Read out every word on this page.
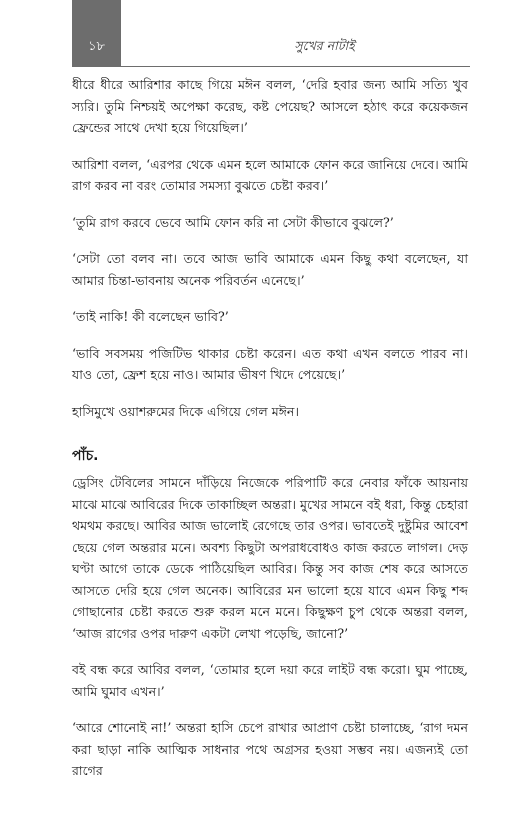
১৮	সুখের নাটাই

ধীরে ধীরে আরিশার কাছে গিয়ে মঈন বলল, ‘দেরি হবার জন্য আমি সত্যি খুব স্যরি। তুমি নিশ্চয়ই অপেক্ষা করেছ, কষ্ট পেয়েছ? আসলে হঠাৎ করে কয়েকজন ফ্রেন্ডের সাথে দেখা হয়ে গিয়েছিল।’

আরিশা বলল, ‘এরপর থেকে এমন হলে আমাকে ফোন করে জানিয়ে দেবে। আমি রাগ করব না বরং তোমার সমস্যা বুঝতে চেষ্টা করব।’

‘তুমি রাগ করবে ভেবে আমি ফোন করি না সেটা কীভাবে বুঝলে?’

‘সেটা তো বলব না। তবে আজ ভাবি আমাকে এমন কিছু কথা বলেছেন, যা আমার চিন্তা-ভাবনায় অনেক পরিবর্তন এনেছে।’

‘তাই নাকি! কী বলেছেন ভাবি?’

‘ভাবি সবসময় পজিটিভ থাকার চেষ্টা করেন। এত কথা এখন বলতে পারব না। যাও তো, ফ্রেশ হয়ে নাও। আমার ভীষণ খিদে পেয়েছে।’

হাসিমুখে ওয়াশরুমের দিকে এগিয়ে গেল মঈন।

পাঁচ.

ড্রেসিং টেবিলের সামনে দাঁড়িয়ে নিজেকে পরিপাটি করে নেবার ফাঁকে আয়নায় মাঝে মাঝে আবিরের দিকে তাকাচ্ছিল অন্তরা। মুখের সামনে বই ধরা, কিন্তু চেহারা থমথম করছে। আবির আজ ভালোই রেগেছে তার ওপর। ভাবতেই দুষ্টুমির আবেশ ছেয়ে গেল অন্তরার মনে। অবশ্য কিছুটা অপরাধবোধও কাজ করতে লাগল। দেড় ঘণ্টা আগে তাকে ডেকে পাঠিয়েছিল আবির। কিন্তু সব কাজ শেষ করে আসতে আসতে দেরি হয়ে গেল অনেক। আবিরের মন ভালো হয়ে যাবে এমন কিছু শব্দ গোছানোর চেষ্টা করতে শুরু করল মনে মনে। কিছুক্ষণ চুপ থেকে অন্তরা বলল, ‘আজ রাগের ওপর দারুণ একটা লেখা পড়েছি, জানো?’

বই বন্ধ করে আবির বলল, ‘তোমার হলে দয়া করে লাইট বন্ধ করো। ঘুম পাচ্ছে, আমি ঘুমাব এখন।’

‘আরে শোনোই না!’ অন্তরা হাসি চেপে রাখার আপ্রাণ চেষ্টা চালাচ্ছে, ‘রাগ দমন করা ছাড়া নাকি আত্মিক সাধনার পথে অগ্রসর হওয়া সম্ভব নয়। এজন্যই তো রাগের
